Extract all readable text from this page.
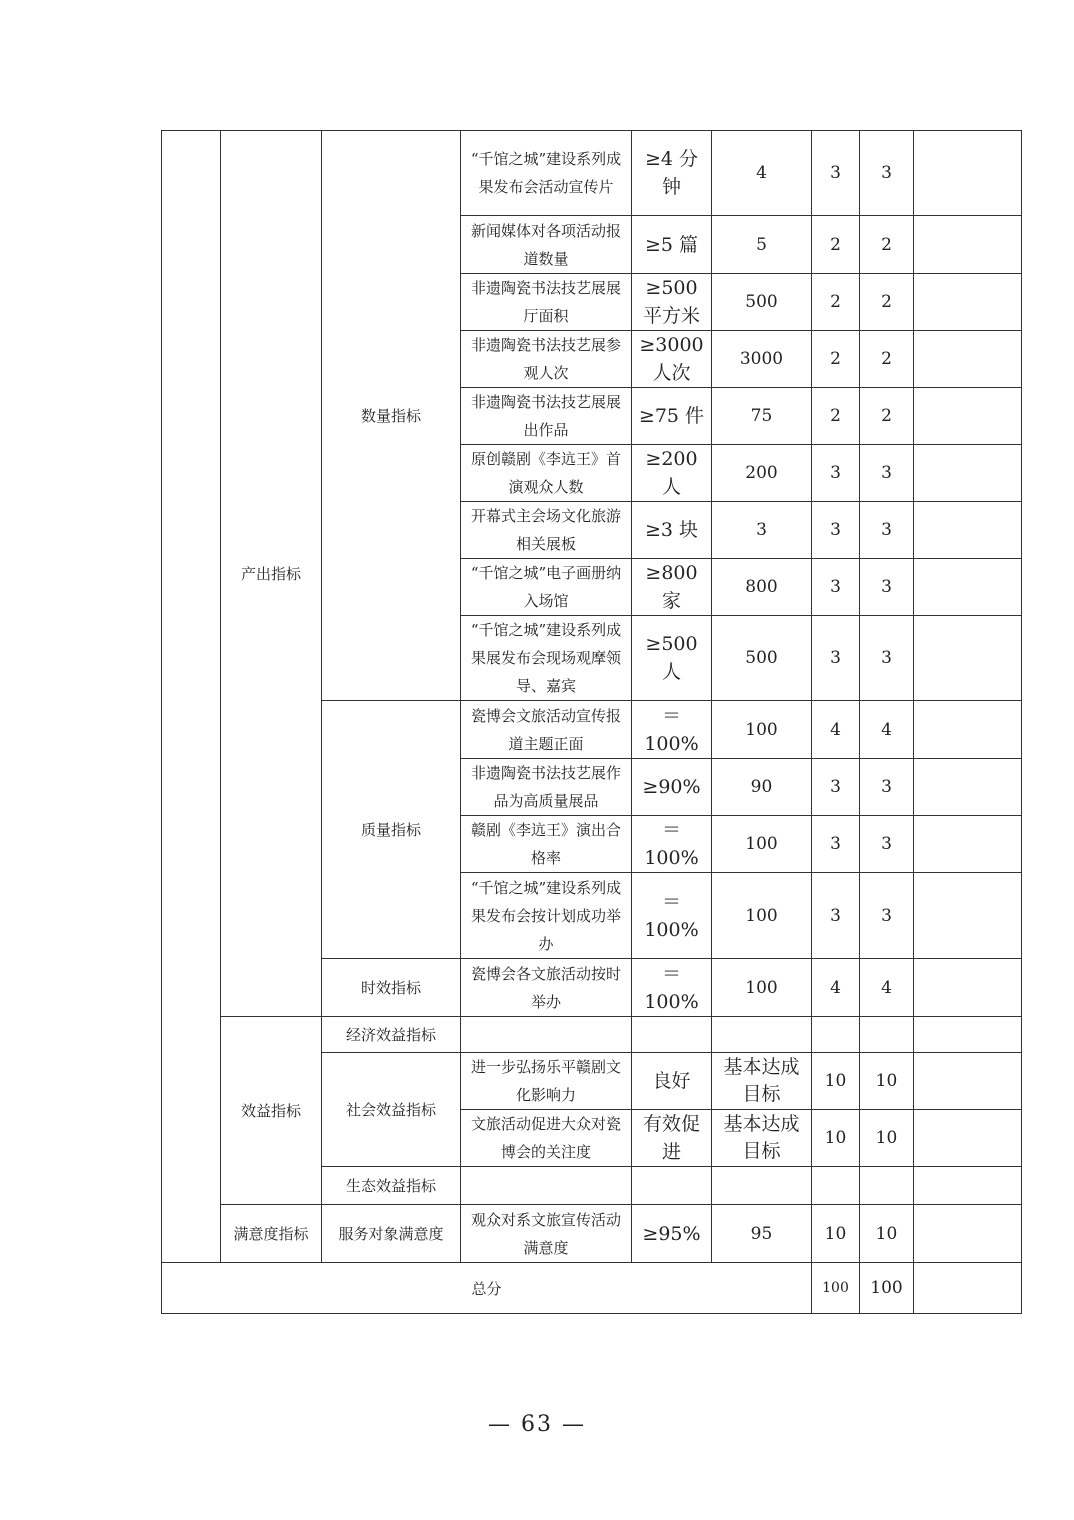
	产出指标	数量指标	“千馆之城”建设系列成果发布会活动宣传片	≥4 分钟	4	3	3	
			新闻媒体对各项活动报道数量	≥5 篇	5	2	2	
			非遗陶瓷书法技艺展展厅面积	≥500 平方米	500	2	2	
			非遗陶瓷书法技艺展参观人次	≥3000 人次	3000	2	2	
			非遗陶瓷书法技艺展展出作品	≥75 件	75	2	2	
			原创赣剧《李迒王》首演观众人数	≥200 人	200	3	3	
			开幕式主会场文化旅游相关展板	≥3 块	3	3	3	
			“千馆之城”电子画册纳入场馆	≥800 家	800	3	3	
			“千馆之城”建设系列成果展发布会现场观摩领导、嘉宾	≥500 人	500	3	3	
		质量指标	瓷博会文旅活动宣传报道主题正面	＝100%	100	4	4	
			非遗陶瓷书法技艺展作品为高质量展品	≥90%	90	3	3	
			赣剧《李迒王》演出合格率	＝100%	100	3	3	
			“千馆之城”建设系列成果发布会按计划成功举办	＝100%	100	3	3	
		时效指标	瓷博会各文旅活动按时举办	＝100%	100	4	4	
	效益指标	经济效益指标						
		社会效益指标	进一步弘扬乐平赣剧文化影响力	良好	基本达成目标	10	10	
			文旅活动促进大众对瓷博会的关注度	有效促进	基本达成目标	10	10	
		生态效益指标						
	满意度指标	服务对象满意度	观众对系文旅宣传活动满意度	≥95%	95	10	10	
总分						100	100	
— 63 —
